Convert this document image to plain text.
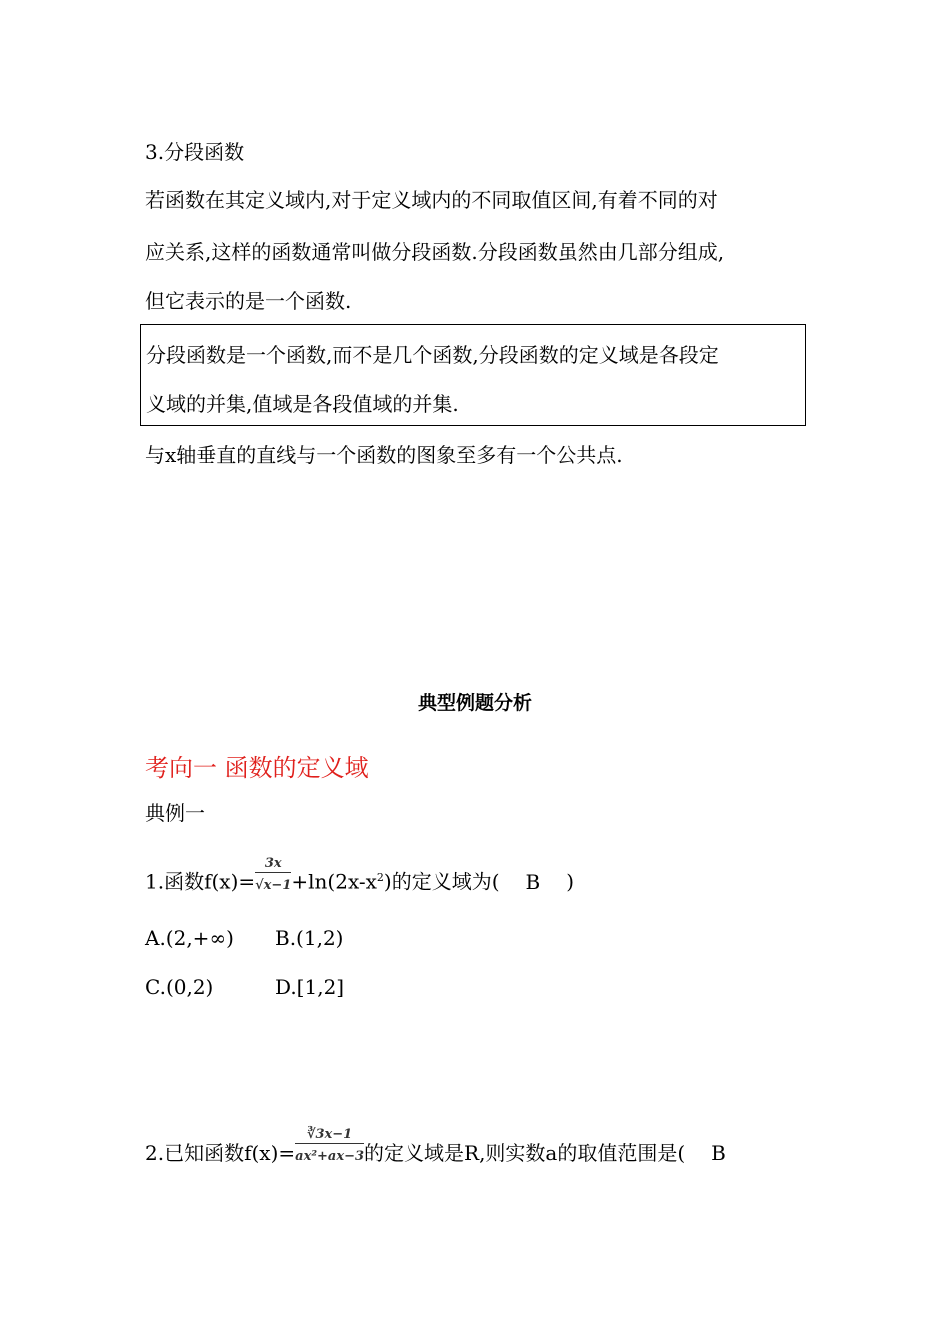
3.分段函数
若函数在其定义域内,对于定义域内的不同取值区间,有着不同的对
应关系,这样的函数通常叫做分段函数.分段函数虽然由几部分组成,
但它表示的是一个函数.
分段函数是一个函数,而不是几个函数,分段函数的定义域是各段定
义域的并集,值域是各段值域的并集.
与x轴垂直的直线与一个函数的图象至多有一个公共点.
典型例题分析
考向一 函数的定义域
典例一
1.函数$f(x)= \frac{3x}{√x-1}+\ln(2x-x^2)$的定义域为( B )
A.(2,+∞) B.(1,2)
C.(0,2)	D.[1,2]
2.已知函数$f(x)= \frac{∛3x-1}{\text{ax²+ax−3}}$的定义域是R,则实数a的取值范围是( B
